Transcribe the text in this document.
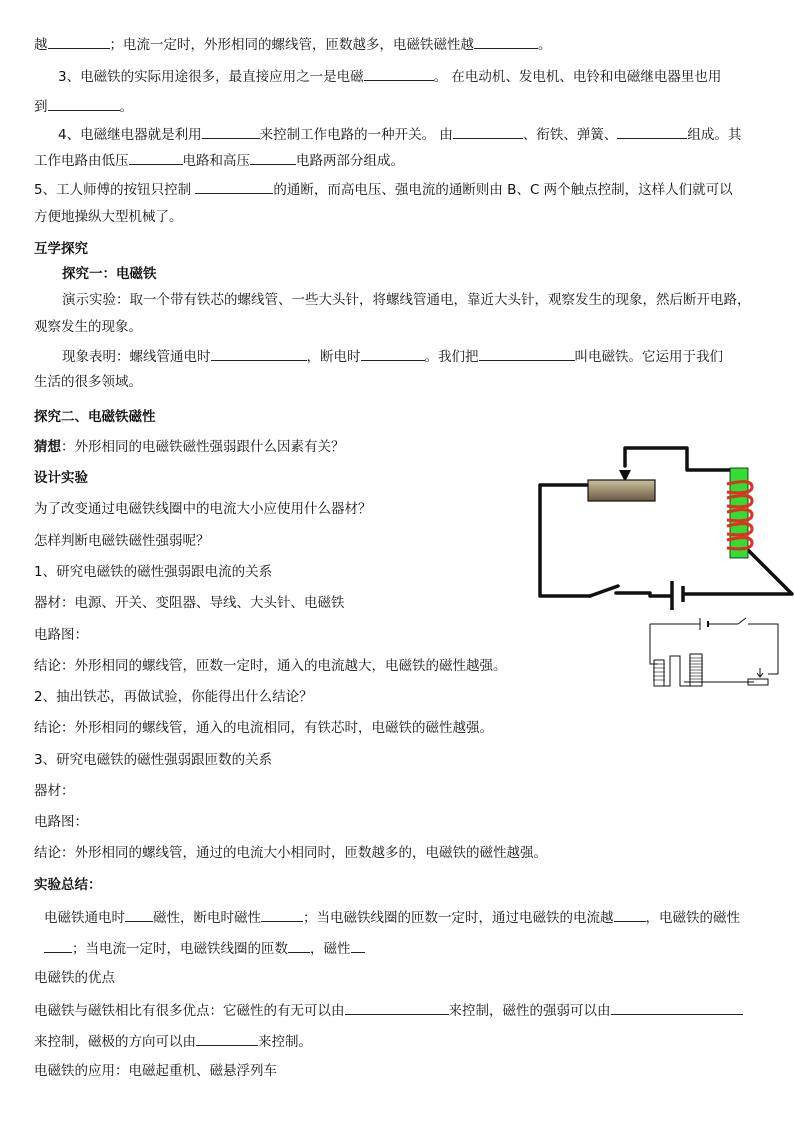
越	；电流一定时，外形相同的螺线管，匝数越多，电磁铁磁性越	。
3、电磁铁的实际用途很多，最直接应用之一是电磁	。 在电动机、发电机、电铃和电磁继电器里也用
到	。
4、电磁继电器就是利用	来控制工作电路的一种开关。 由	、衔铁、弹簧、	组成。其
工作电路由低压	电路和高压	电路两部分组成。
5、工人师傅的按钮只控制	的通断，而高电压、强电流的通断则由 B、C 两个触点控制，这样人们就可以
方便地操纵大型机械了。
互学探究
探究一：电磁铁
演示实验：取一个带有铁芯的螺线管、一些大头针，将螺线管通电，靠近大头针，观察发生的现象，然后断开电路，
观察发生的现象。
现象表明：螺线管通电时	，断电时	。我们把	叫电磁铁。它运用于我们
生活的很多领域。
探究二、电磁铁磁性
猜想：外形相同的电磁铁磁性强弱跟什么因素有关？
设计实验
为了改变通过电磁铁线圈中的电流大小应使用什么器材？
怎样判断电磁铁磁性强弱呢？
1、研究电磁铁的磁性强弱跟电流的关系
器材：电源、开关、变阻器、导线、大头针、电磁铁
电路图：
结论：外形相同的螺线管，匝数一定时，通入的电流越大，电磁铁的磁性越强。
2、抽出铁芯，再做试验，你能得出什么结论？
结论：外形相同的螺线管，通入的电流相同，有铁芯时，电磁铁的磁性越强。
3、研究电磁铁的磁性强弱跟匝数的关系
器材：
电路图：
结论：外形相同的螺线管，通过的电流大小相同时，匝数越多的，电磁铁的磁性越强。
实验总结：
电磁铁通电时 磁性，断电时磁性	；当电磁铁线圈的匝数一定时，通过电磁铁的电流越 ，电磁铁的磁性
；当电流一定时，电磁铁线圈的匝数 ，磁性
电磁铁的优点
电磁铁与磁铁相比有很多优点：它磁性的有无可以由	来控制，磁性的强弱可以由
来控制，磁极的方向可以由	来控制。
电磁铁的应用：电磁起重机、磁悬浮列车
